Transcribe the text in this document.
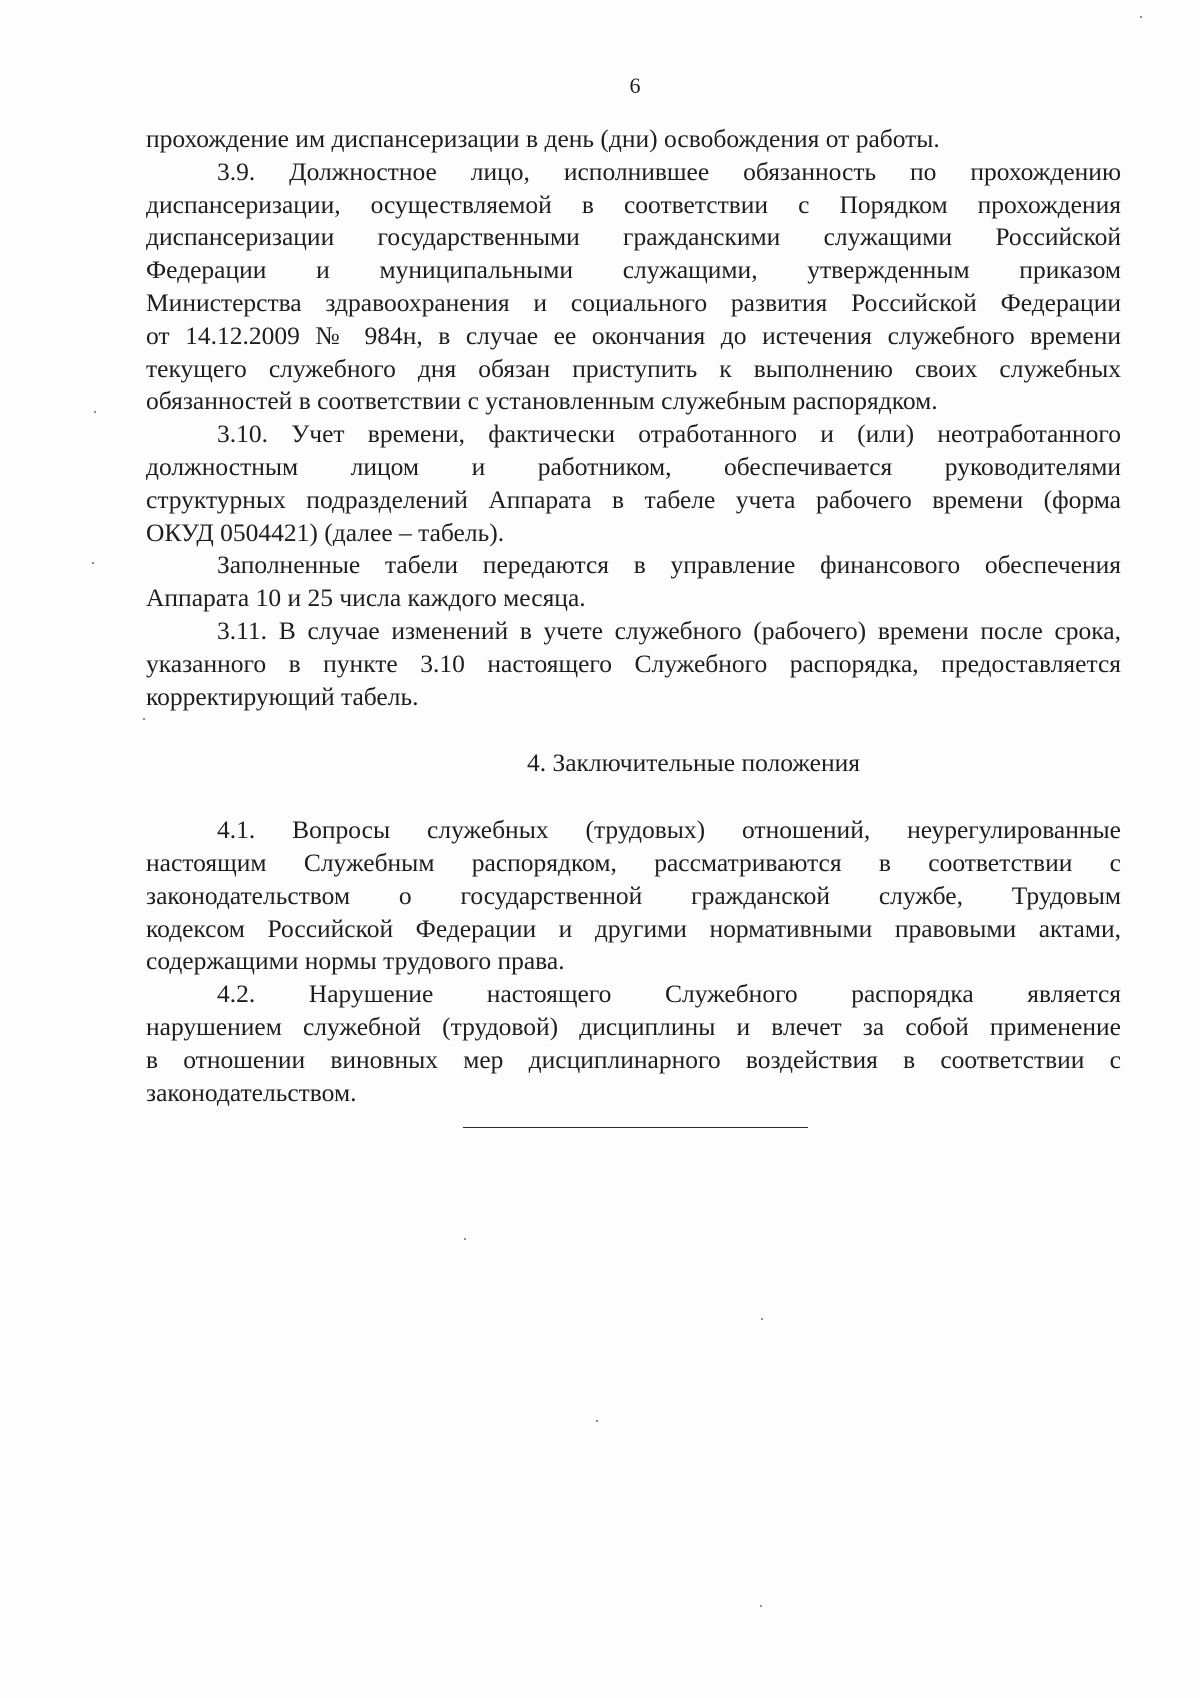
6
прохождение им диспансеризации в день (дни) освобождения от работы.
3.9. Должностное лицо, исполнившее обязанность по прохождению
диспансеризации, осуществляемой в соответствии с Порядком прохождения
диспансеризации государственными гражданскими служащими Российской
Федерации и муниципальными служащими, утвержденным приказом
Министерства здравоохранения и социального развития Российской Федерации
от 14.12.2009 № 984н, в случае ее окончания до истечения служебного времени
текущего служебного дня обязан приступить к выполнению своих служебных
обязанностей в соответствии с установленным служебным распорядком.
3.10. Учет времени, фактически отработанного и (или) неотработанного
должностным лицом и работником, обеспечивается руководителями
структурных подразделений Аппарата в табеле учета рабочего времени (форма
ОКУД 0504421) (далее – табель).
Заполненные табели передаются в управление финансового обеспечения
Аппарата 10 и 25 числа каждого месяца.
3.11. В случае изменений в учете служебного (рабочего) времени после срока,
указанного в пункте 3.10 настоящего Служебного распорядка, предоставляется
корректирующий табель.
4. Заключительные положения
4.1. Вопросы служебных (трудовых) отношений, неурегулированные
настоящим Служебным распорядком, рассматриваются в соответствии с
законодательством о государственной гражданской службе, Трудовым
кодексом Российской Федерации и другими нормативными правовыми актами,
содержащими нормы трудового права.
4.2. Нарушение настоящего Служебного распорядка является
нарушением служебной (трудовой) дисциплины и влечет за собой применение
в отношении виновных мер дисциплинарного воздействия в соответствии с
законодательством.
